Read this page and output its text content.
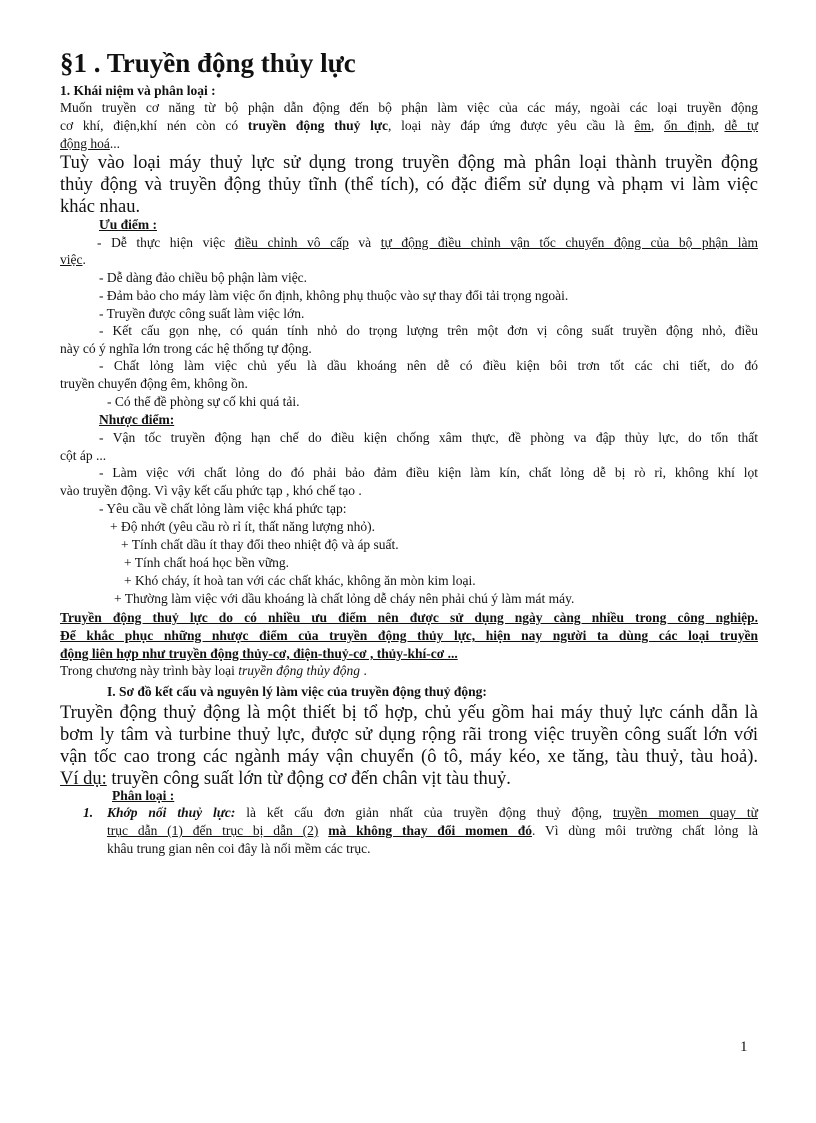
§1 . Truyền động thủy lực

1. Khái niệm và phân loại :

Muốn truyền cơ năng từ bộ phận dẫn động đến bộ phận làm việc của các máy, ngoài các loại truyền động

cơ khí, điện,khí nén còn có truyền động thuỷ lực, loại này đáp ứng được yêu cầu là êm, ổn định, dễ tự

động hoá...

Tuỳ vào loại máy thuỷ lực sử dụng trong truyền động mà phân loại thành truyền động

thủy động và truyền động thủy tĩnh (thể tích), có đặc điểm sử dụng và phạm vi làm việc

khác nhau.

Ưu điểm :

- Dễ thực hiện việc điều chỉnh vô cấp và tự động điều chỉnh vận tốc chuyển động của bộ phận làm

việc.

- Dễ dàng đảo chiều bộ phận làm việc.

- Đảm bảo cho máy làm việc ổn định, không phụ thuộc vào sự thay đổi tải trọng ngoài.

- Truyền được công suất làm việc lớn.

- Kết cấu gọn nhẹ, có quán tính nhỏ do trọng lượng trên một đơn vị công suất truyền động nhỏ, điều

này có ý nghĩa lớn trong các hệ thống tự động.

- Chất lỏng làm việc chủ yếu là dầu khoáng nên dễ có điều kiện bôi trơn tốt các chi tiết, do đó

truyền chuyển động êm, không ồn.

- Có thể đề phòng sự cố khi quá tải.

Nhược điểm:

- Vận tốc truyền động hạn chế do điều kiện chống xâm thực, đề phòng va đập thủy lực, do tổn thất

cột áp ...

- Làm việc với chất lỏng do đó phải bảo đảm điều kiện làm kín, chất lỏng dễ bị rò rỉ, không khí lọt

vào truyền động. Vì vậy kết cấu phức tạp , khó chế tạo .

- Yêu cầu về chất lỏng làm việc khá phức tạp:

+ Độ nhớt (yêu cầu rò rỉ ít, thất năng lượng nhỏ).

+ Tính chất dầu ít thay đổi theo nhiệt độ và áp suất.

+ Tính chất hoá học bền vững.

+ Khó cháy, ít hoà tan với các chất khác, không ăn mòn kim loại.

+ Thường làm việc với dầu khoáng là chất lỏng dễ cháy nên phải chú ý làm mát máy.

Truyền động thuỷ lực do có nhiều ưu điểm nên được sử dụng ngày càng nhiều trong công nghiệp.

Để khắc phục những nhược điểm của truyền động thủy lực, hiện nay người ta dùng các loại truyền

động liên hợp như truyền động thủy-cơ, điện-thuỷ-cơ , thủy-khí-cơ ...

Trong chương này trình bày loại truyền động thủy động .

I. Sơ đồ kết cấu và nguyên lý làm việc của truyền động thuỷ động:

Truyền động thuỷ động là một thiết bị tổ hợp, chủ yếu gồm hai máy thuỷ lực cánh dẫn là

bơm ly tâm và turbine thuỷ lực, được sử dụng rộng rãi trong việc truyền công suất lớn với

vận tốc cao trong các ngành máy vận chuyển (ô tô, máy kéo, xe tăng, tàu thuỷ, tàu hoả).

Ví dụ: truyền công suất lớn từ động cơ đến chân vịt tàu thuỷ.

Phân loại :

1. Khớp nối thuỷ lực: là kết cấu đơn giản nhất của truyền động thuỷ động, truyền momen quay từ

trục dẫn (1) đến trục bị dẫn (2) mà không thay đổi momen đó. Vì dùng môi trường chất lỏng là

khâu trung gian nên coi đây là nối mềm các trục.

1
